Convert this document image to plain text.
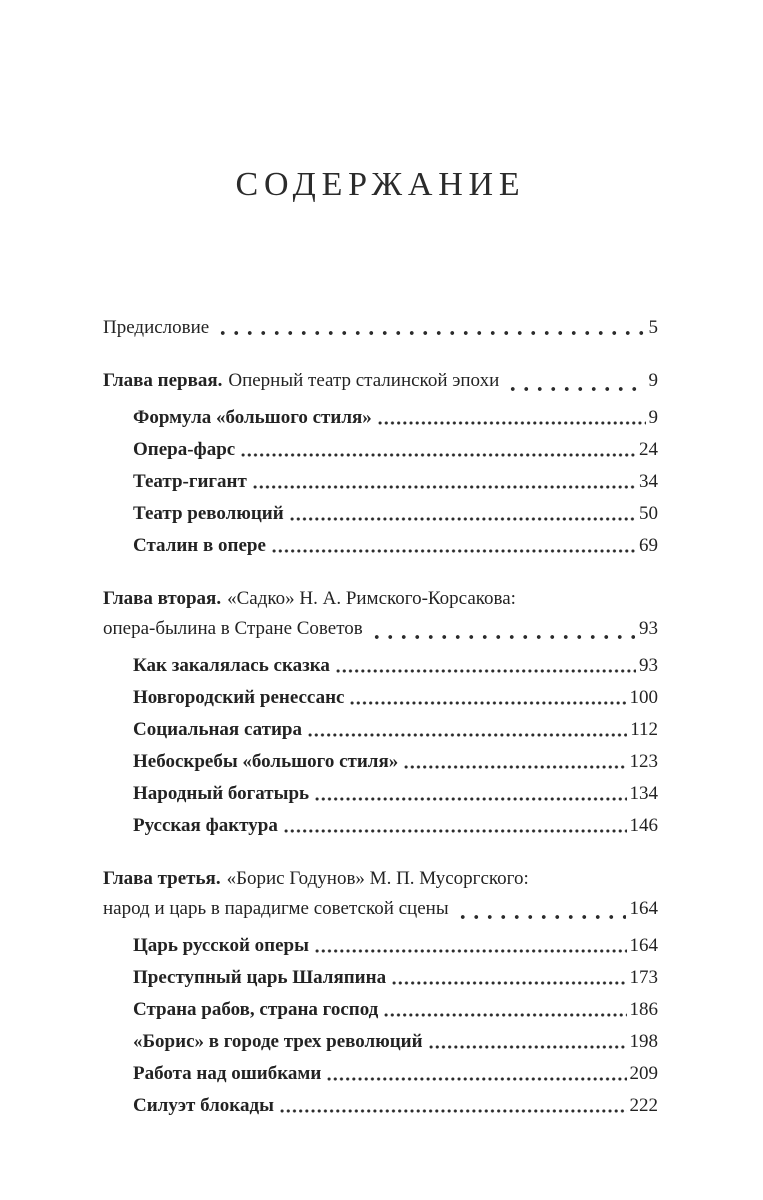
СОДЕРЖАНИЕ
Предисловие	5
Глава первая. Оперный театр сталинской эпохи	9
Формула «большого стиля»	9
Опера-фарс	24
Театр-гигант	34
Театр революций	50
Сталин в опере	69
Глава вторая. «Садко» Н. А. Римского-Корсакова:
опера-былина в Стране Советов	93
Как закалялась сказка	93
Новгородский ренессанс	100
Социальная сатира	112
Небоскребы «большого стиля»	123
Народный богатырь	134
Русская фактура	146
Глава третья. «Борис Годунов» М. П. Мусоргского:
народ и царь в парадигме советской сцены	164
Царь русской оперы	164
Преступный царь Шаляпина	173
Страна рабов, страна господ	186
«Борис» в городе трех революций	198
Работа над ошибками	209
Силуэт блокады	222
